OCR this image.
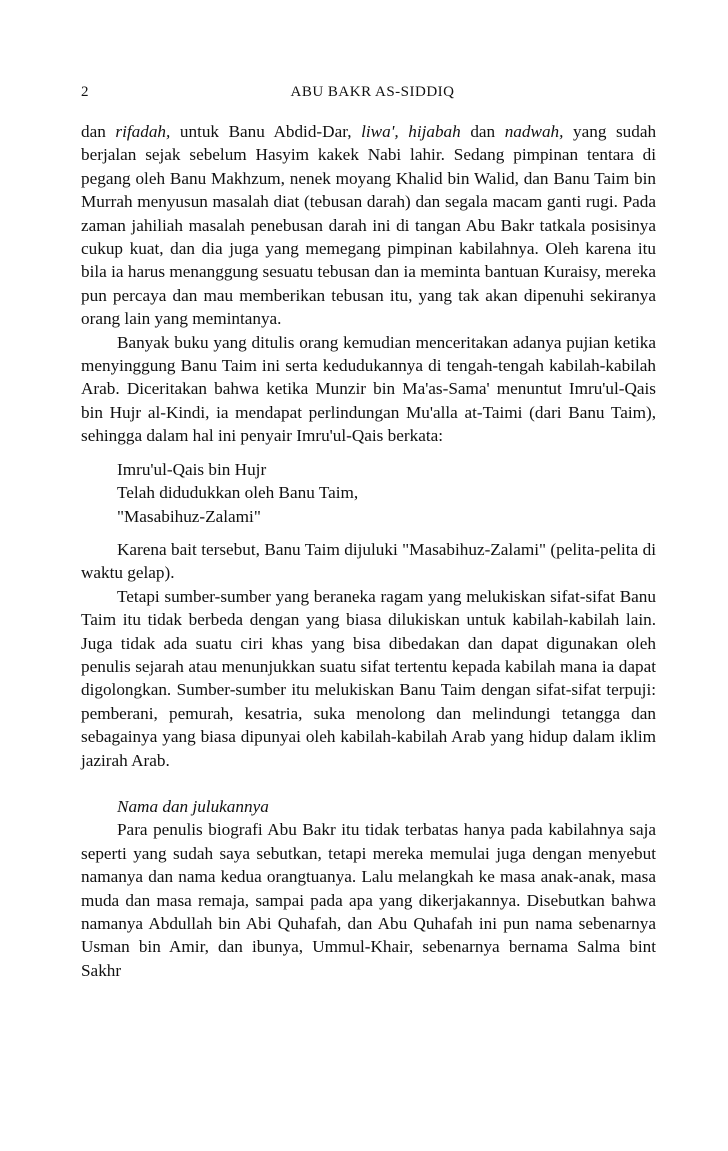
2	ABU BAKR AS-SIDDIQ

dan rifadah, untuk Banu Abdid-Dar, liwa', hijabah dan nadwah, yang sudah berjalan sejak sebelum Hasyim kakek Nabi lahir. Sedang pimpinan tentara di pegang oleh Banu Makhzum, nenek moyang Khalid bin Walid, dan Banu Taim bin Murrah menyusun masalah diat (tebusan darah) dan segala macam ganti rugi. Pada zaman jahiliah masalah penebusan darah ini di tangan Abu Bakr tatkala posisinya cukup kuat, dan dia juga yang memegang pimpinan kabilahnya. Oleh karena itu bila ia harus menanggung sesuatu tebusan dan ia meminta bantuan Kuraisy, mereka pun percaya dan mau memberikan tebusan itu, yang tak akan dipenuhi sekiranya orang lain yang memintanya.

Banyak buku yang ditulis orang kemudian menceritakan adanya pujian ketika menyinggung Banu Taim ini serta kedudukannya di tengah-tengah kabilah-kabilah Arab. Diceritakan bahwa ketika Munzir bin Ma'as-Sama' menuntut Imru'ul-Qais bin Hujr al-Kindi, ia mendapat perlindungan Mu'alla at-Taimi (dari Banu Taim), sehingga dalam hal ini penyair Imru'ul-Qais berkata:

Imru'ul-Qais bin Hujr
Telah didudukkan oleh Banu Taim,
"Masabihuz-Zalami"

Karena bait tersebut, Banu Taim dijuluki "Masabihuz-Zalami" (pelita-pelita di waktu gelap).

Tetapi sumber-sumber yang beraneka ragam yang melukiskan sifat-sifat Banu Taim itu tidak berbeda dengan yang biasa dilukiskan untuk kabilah-kabilah lain. Juga tidak ada suatu ciri khas yang bisa dibedakan dan dapat digunakan oleh penulis sejarah atau menunjukkan suatu sifat tertentu kepada kabilah mana ia dapat digolongkan. Sumber-sumber itu melukiskan Banu Taim dengan sifat-sifat terpuji: pemberani, pemurah, kesatria, suka menolong dan melindungi tetangga dan sebagainya yang biasa dipunyai oleh kabilah-kabilah Arab yang hidup dalam iklim jazirah Arab.

Nama dan julukannya

Para penulis biografi Abu Bakr itu tidak terbatas hanya pada kabilahnya saja seperti yang sudah saya sebutkan, tetapi mereka memulai juga dengan menyebut namanya dan nama kedua orangtuanya. Lalu melangkah ke masa anak-anak, masa muda dan masa remaja, sampai pada apa yang dikerjakannya. Disebutkan bahwa namanya Abdullah bin Abi Quhafah, dan Abu Quhafah ini pun nama sebenarnya Usman bin Amir, dan ibunya, Ummul-Khair, sebenarnya bernama Salma bint Sakhr
